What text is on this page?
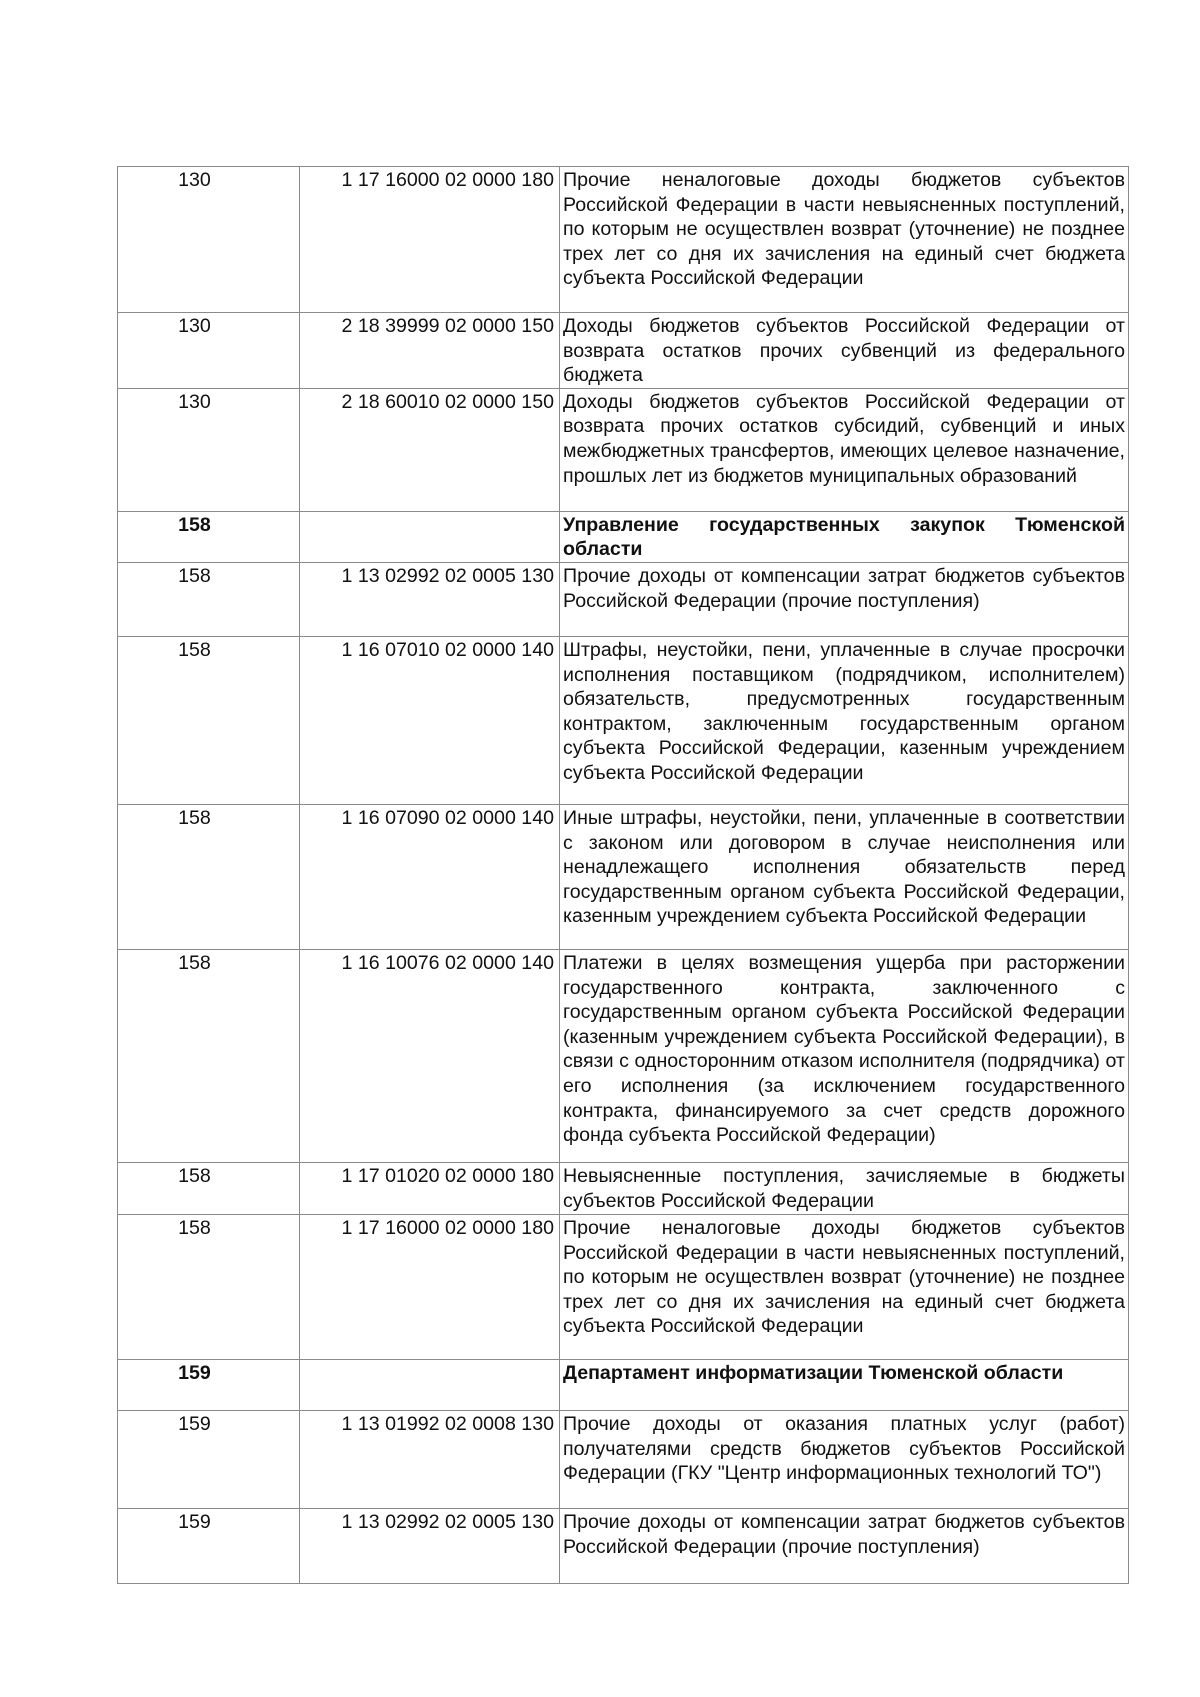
130	1 17 16000 02 0000 180	Прочие неналоговые доходы бюджетов субъектов Российской Федерации в части невыясненных поступлений, по которым не осуществлен возврат (уточнение) не позднее трех лет со дня их зачисления на единый счет бюджета субъекта Российской Федерации

130	2 18 39999 02 0000 150	Доходы бюджетов субъектов Российской Федерации от возврата остатков прочих субвенций из федерального бюджета

130	2 18 60010 02 0000 150	Доходы бюджетов субъектов Российской Федерации от возврата прочих остатков субсидий, субвенций и иных межбюджетных трансфертов, имеющих целевое назначение, прошлых лет из бюджетов муниципальных образований

158		Управление государственных закупок Тюменской области

158	1 13 02992 02 0005 130	Прочие доходы от компенсации затрат бюджетов субъектов Российской Федерации (прочие поступления)

158	1 16 07010 02 0000 140	Штрафы, неустойки, пени, уплаченные в случае просрочки исполнения поставщиком (подрядчиком, исполнителем) обязательств, предусмотренных государственным контрактом, заключенным государственным органом субъекта Российской Федерации, казенным учреждением субъекта Российской Федерации

158	1 16 07090 02 0000 140	Иные штрафы, неустойки, пени, уплаченные в соответствии с законом или договором в случае неисполнения или ненадлежащего исполнения обязательств перед государственным органом субъекта Российской Федерации, казенным учреждением субъекта Российской Федерации

158	1 16 10076 02 0000 140	Платежи в целях возмещения ущерба при расторжении государственного контракта, заключенного с государственным органом субъекта Российской Федерации (казенным учреждением субъекта Российской Федерации), в связи с односторонним отказом исполнителя (подрядчика) от его исполнения (за исключением государственного контракта, финансируемого за счет средств дорожного фонда субъекта Российской Федерации)

158	1 17 01020 02 0000 180	Невыясненные поступления, зачисляемые в бюджеты субъектов Российской Федерации

158	1 17 16000 02 0000 180	Прочие неналоговые доходы бюджетов субъектов Российской Федерации в части невыясненных поступлений, по которым не осуществлен возврат (уточнение) не позднее трех лет со дня их зачисления на единый счет бюджета субъекта Российской Федерации

159		Департамент информатизации Тюменской области

159	1 13 01992 02 0008 130	Прочие доходы от оказания платных услуг (работ) получателями средств бюджетов субъектов Российской Федерации (ГКУ "Центр информационных технологий ТО")

159	1 13 02992 02 0005 130	Прочие доходы от компенсации затрат бюджетов субъектов Российской Федерации (прочие поступления)
